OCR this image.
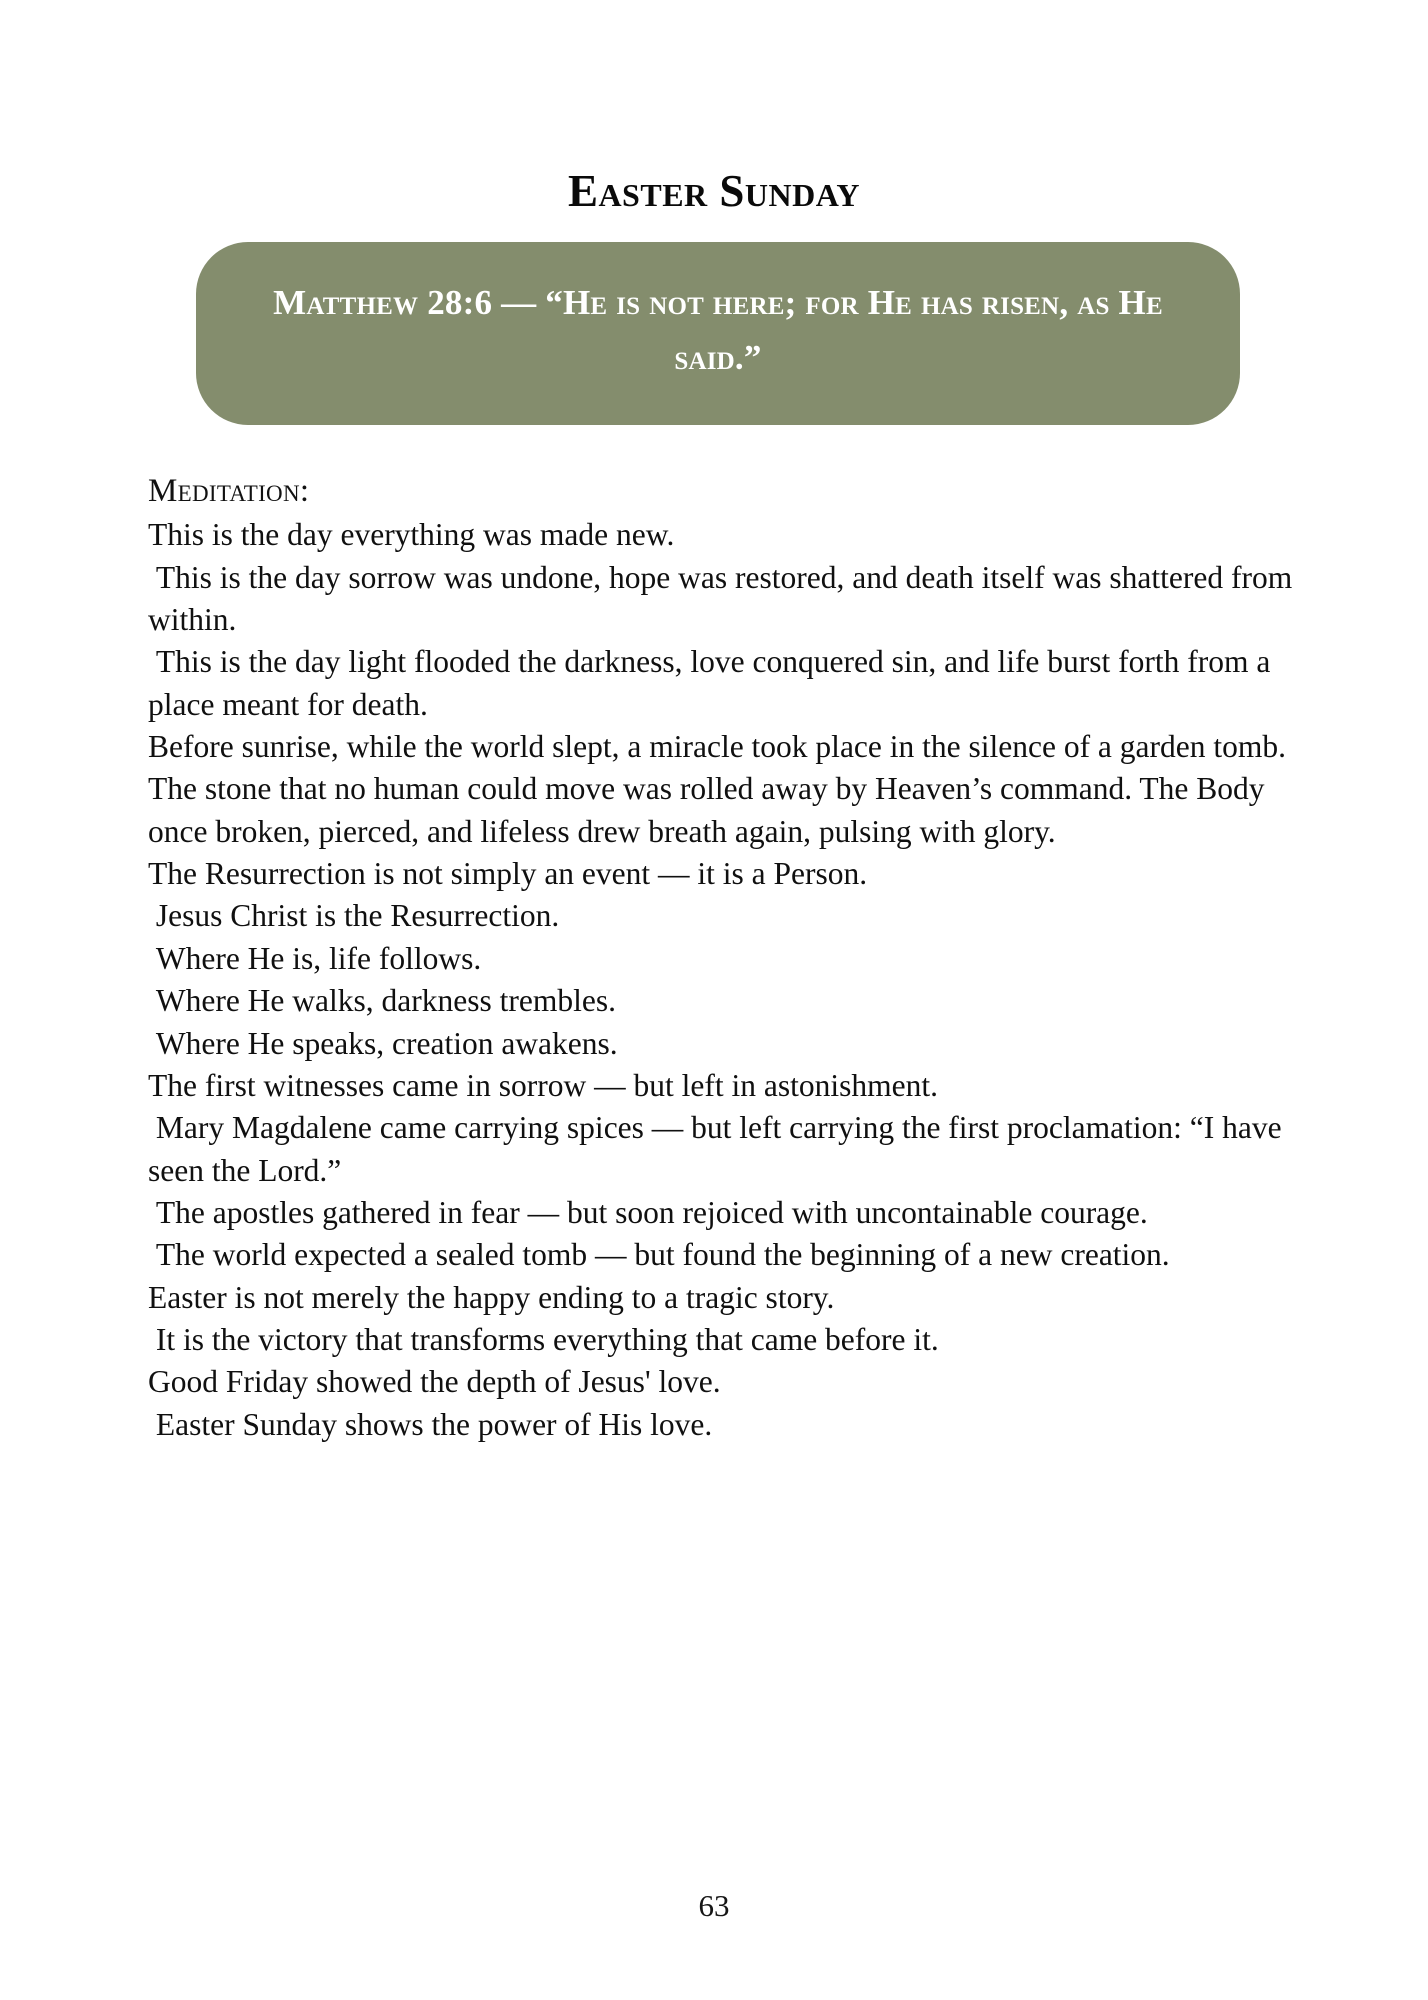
Easter Sunday
Matthew 28:6 — “He is not here; for He has risen, as He said.”

Meditation:

This is the day everything was made new.

This is the day sorrow was undone, hope was restored, and death itself was shattered from within.

This is the day light flooded the darkness, love conquered sin, and life burst forth from a place meant for death.

Before sunrise, while the world slept, a miracle took place in the silence of a garden tomb. The stone that no human could move was rolled away by Heaven’s command. The Body once broken, pierced, and lifeless drew breath again, pulsing with glory.

The Resurrection is not simply an event — it is a Person.

Jesus Christ is the Resurrection.

Where He is, life follows.

Where He walks, darkness trembles.

Where He speaks, creation awakens.

The first witnesses came in sorrow — but left in astonishment.

Mary Magdalene came carrying spices — but left carrying the first proclamation: “I have seen the Lord.”

The apostles gathered in fear — but soon rejoiced with uncontainable courage.

The world expected a sealed tomb — but found the beginning of a new creation.

Easter is not merely the happy ending to a tragic story.

It is the victory that transforms everything that came before it.

Good Friday showed the depth of Jesus' love.

Easter Sunday shows the power of His love.

63
